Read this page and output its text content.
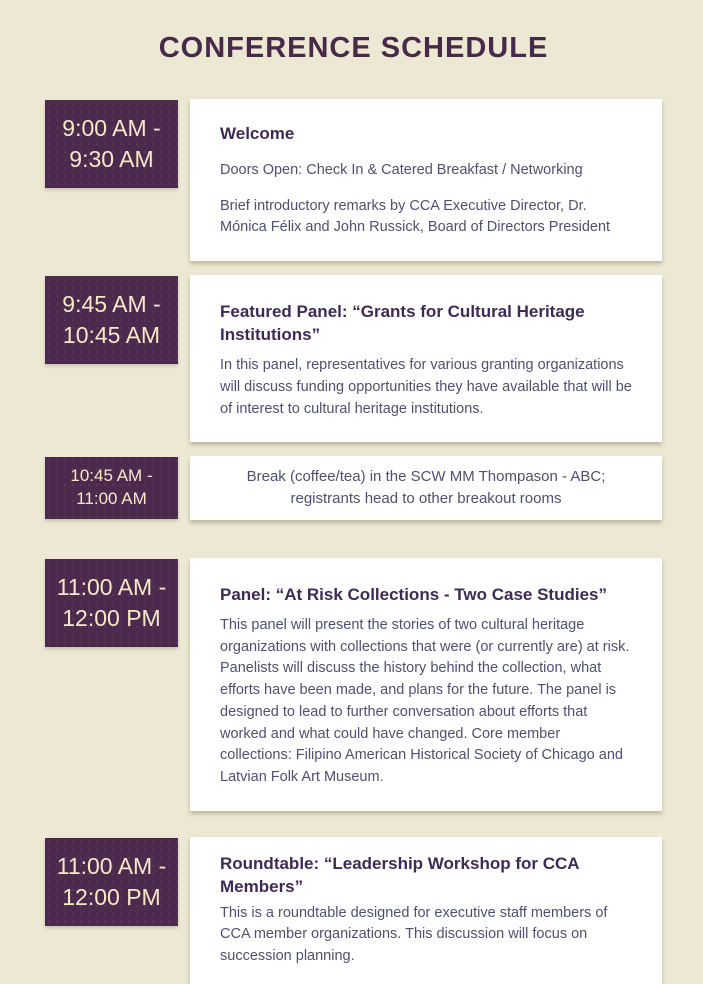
CONFERENCE SCHEDULE
9:00 AM -
9:30 AM
Welcome
Doors Open: Check In & Catered Breakfast / Networking
Brief introductory remarks by CCA Executive Director, Dr. Mónica Félix and John Russick, Board of Directors President
9:45 AM -
10:45 AM
Featured Panel: “Grants for Cultural Heritage Institutions”
In this panel, representatives for various granting organizations will discuss funding opportunities they have available that will be of interest to cultural heritage institutions.
10:45 AM -
11:00 AM
Break (coffee/tea) in the SCW MM Thompason - ABC;
registrants head to other breakout rooms
11:00 AM -
12:00 PM
Panel: “At Risk Collections - Two Case Studies”
This panel will present the stories of two cultural heritage organizations with collections that were (or currently are) at risk. Panelists will discuss the history behind the collection, what efforts have been made, and plans for the future. The panel is designed to lead to further conversation about efforts that worked and what could have changed. Core member collections: Filipino American Historical Society of Chicago and Latvian Folk Art Museum.
11:00 AM -
12:00 PM
Roundtable: “Leadership Workshop for CCA Members”
This is a roundtable designed for executive staff members of CCA member organizations. This discussion will focus on succession planning.
